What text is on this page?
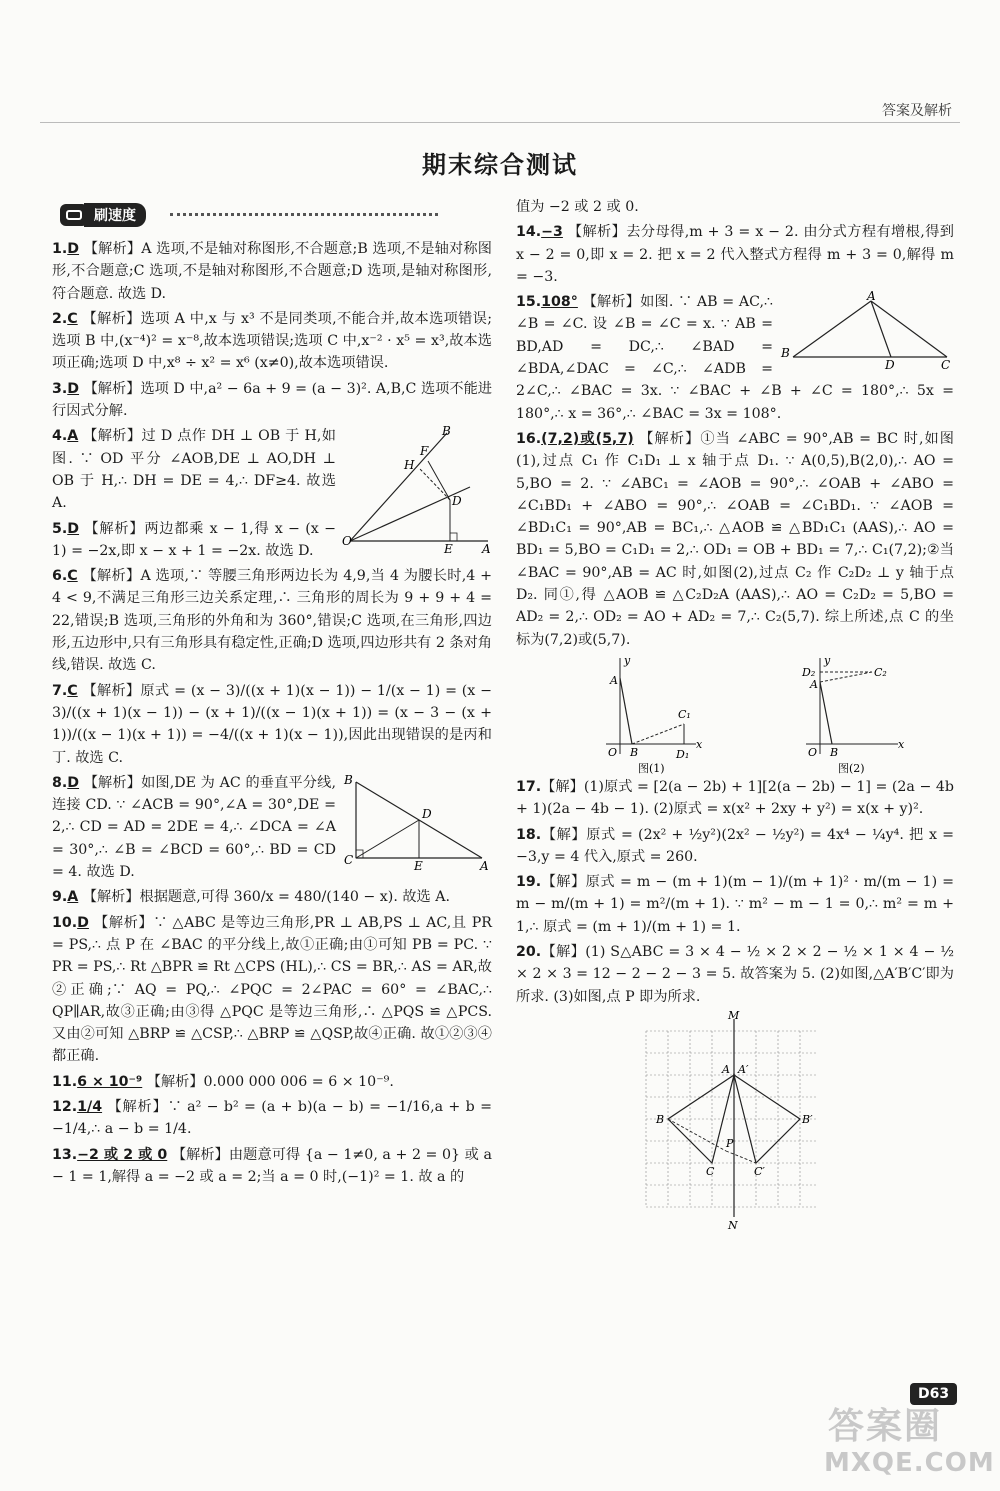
答案及解析
期末综合测试
刷速度

1.D 【解析】A 选项,不是轴对称图形,不合题意;B 选项,不是轴对称图形,不合题意;C 选项,不是轴对称图形,不合题意;D 选项,是轴对称图形,符合题意. 故选 D.

2.C 【解析】选项 A 中,x 与 x³ 不是同类项,不能合并,故本选项错误;选项 B 中,(x⁻⁴)² = x⁻⁸,故本选项错误;选项 C 中,x⁻² · x⁵ = x³,故本选项正确;选项 D 中,x⁸ ÷ x² = x⁶ (x≠0),故本选项错误.

3.D 【解析】选项 D 中,a² − 6a + 9 = (a − 3)². A,B,C 选项不能进行因式分解.

B
F
H
D
O
E A
4.A 【解析】过 D 点作 DH ⊥ OB 于 H,如图. ∵ OD 平分 ∠AOB,DE ⊥ AO,DH ⊥ OB 于 H,∴ DH = DE = 4,∴ DF≥4. 故选 A.

5.D 【解析】两边都乘 x − 1,得 x − (x − 1) = −2x,即 x − x + 1 = −2x. 故选 D.

6.C 【解析】A 选项,∵ 等腰三角形两边长为 4,9,当 4 为腰长时,4 + 4 < 9,不满足三角形三边关系定理,∴ 三角形的周长为 9 + 9 + 4 = 22,错误;B 选项,三角形的外角和为 360°,错误;C 选项,在三角形,四边形,五边形中,只有三角形具有稳定性,正确;D 选项,四边形共有 2 条对角线,错误. 故选 C.

7.C 【解析】原式 = (x − 3)/((x + 1)(x − 1)) − 1/(x − 1) = (x − 3)/((x + 1)(x − 1)) − (x + 1)/((x − 1)(x + 1)) = (x − 3 − (x + 1))/((x − 1)(x + 1)) = −4/((x + 1)(x − 1)),因此出现错误的是丙和丁. 故选 C.

B
D
C	E	A
8.D 【解析】如图,DE 为 AC 的垂直平分线,连接 CD. ∵ ∠ACB = 90°,∠A = 30°,DE = 2,∴ CD = AD = 2DE = 4,∴ ∠DCA = ∠A = 30°,∴ ∠B = ∠BCD = 60°,∴ BD = CD = 4. 故选 D.

9.A 【解析】根据题意,可得 360/x = 480/(140 − x). 故选 A.

10.D 【解析】∵ △ABC 是等边三角形,PR ⊥ AB,PS ⊥ AC,且 PR = PS,∴ 点 P 在 ∠BAC 的平分线上,故①正确;由①可知 PB = PC. ∵ PR = PS,∴ Rt △BPR ≌ Rt △CPS (HL),∴ CS = BR,∴ AS = AR,故②正确;∵ AQ = PQ,∴ ∠PQC = 2∠PAC = 60° = ∠BAC,∴ QP∥AR,故③正确;由③得 △PQC 是等边三角形,∴ △PQS ≌ △PCS. 又由②可知 △BRP ≌ △CSP,∴ △BRP ≌ △QSP,故④正确. 故①②③④都正确.

11.6 × 10⁻⁹ 【解析】0.000 000 006 = 6 × 10⁻⁹.

12.1/4 【解析】∵ a² − b² = (a + b)(a − b) = −1/16,a + b = −1/4,∴ a − b = 1/4.

13.−2 或 2 或 0 【解析】由题意可得 {a − 1≠0, a + 2 = 0} 或 a − 1 = 1,解得 a = −2 或 a = 2;当 a = 0 时,(−1)² = 1. 故 a 的

值为 −2 或 2 或 0.

14.−3 【解析】去分母得,m + 3 = x − 2. 由分式方程有增根,得到 x − 2 = 0,即 x = 2. 把 x = 2 代入整式方程得 m + 3 = 0,解得 m = −3.

A
B
D	C
15.108° 【解析】如图. ∵ AB = AC,∴ ∠B = ∠C. 设 ∠B = ∠C = x. ∵ AB = BD,AD = DC,∴ ∠BAD = ∠BDA,∠DAC = ∠C,∴ ∠ADB = 2∠C,∴ ∠BAC = 3x. ∵ ∠BAC + ∠B + ∠C = 180°,∴ 5x = 180°,∴ x = 36°,∴ ∠BAC = 3x = 108°.

16.(7,2)或(5,7) 【解析】①当 ∠ABC = 90°,AB = BC 时,如图(1),过点 C₁ 作 C₁D₁ ⊥ x 轴于点 D₁. ∵ A(0,5),B(2,0),∴ AO = 5,BO = 2. ∵ ∠ABC₁ = ∠AOB = 90°,∴ ∠OAB + ∠ABO = ∠C₁BD₁ + ∠ABO = 90°,∴ ∠OAB = ∠C₁BD₁. ∵ ∠AOB = ∠BD₁C₁ = 90°,AB = BC₁,∴ △AOB ≌ △BD₁C₁ (AAS),∴ AO = BD₁ = 5,BO = C₁D₁ = 2,∴ OD₁ = OB + BD₁ = 7,∴ C₁(7,2);②当 ∠BAC = 90°,AB = AC 时,如图(2),过点 C₂ 作 C₂D₂ ⊥ y 轴于点 D₂. 同①,得 △AOB ≌ △C₂D₂A (AAS),∴ AO = C₂D₂ = 5,BO = AD₂ = 2,∴ OD₂ = AO + AD₂ = 7,∴ C₂(5,7). 综上所述,点 C 的坐标为(7,2)或(5,7).

y
A
C₁
O B	D₁
x
图(1)
y
D₂	C₂
A
O B
x
图(2)

17.【解】(1)原式 = [2(a − 2b) + 1][2(a − 2b) − 1] = (2a − 4b + 1)(2a − 4b − 1). (2)原式 = x(x² + 2xy + y²) = x(x + y)².

18.【解】原式 = (2x² + ½y²)(2x² − ½y²) = 4x⁴ − ¼y⁴. 把 x = −3,y = 4 代入,原式 = 260.

19.【解】原式 = m − (m + 1)(m − 1)/(m + 1)² · m/(m − 1) = m − m/(m + 1) = m²/(m + 1). ∵ m² − m − 1 = 0,∴ m² = m + 1,∴ 原式 = (m + 1)/(m + 1) = 1.

20.【解】(1) S△ABC = 3 × 4 − ½ × 2 × 2 − ½ × 1 × 4 − ½ × 2 × 3 = 12 − 2 − 2 − 3 = 5. 故答案为 5. (2)如图,△A′B′C′即为所求. (3)如图,点 P 即为所求.

M
A A′
B	B′
P
C	C′
N
D63
答案圈
MXQE.COM
